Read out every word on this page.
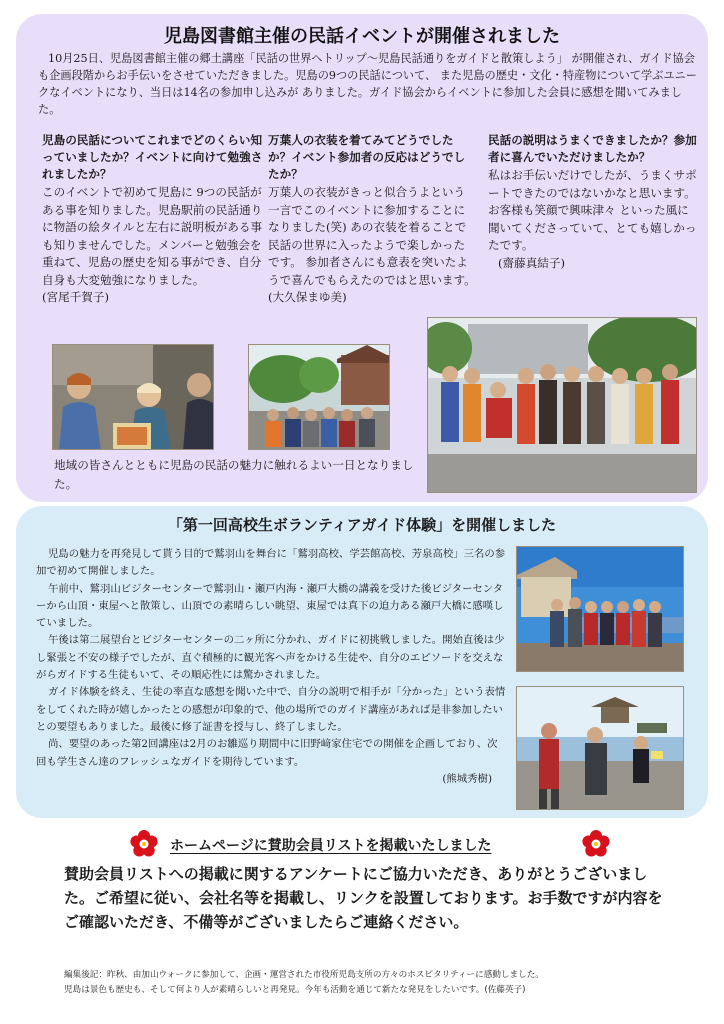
児島図書館主催の民話イベントが開催されました
10月25日、児島図書館主催の郷土講座「民話の世界へトリップ～児島民話通りをガイドと散策しよう」 が開催され、ガイド協会も企画段階からお手伝いをさせていただきました。児島の9つの民話について、 また児島の歴史・文化・特産物について学ぶユニークなイベントになり、当日は14名の参加申し込みが ありました。ガイド協会からイベントに参加した会員に感想を聞いてみました。
児島の民話についてこれまでどのくらい知っていましたか？イベントに向けて勉強されましたか？
このイベントで初めて児島に 9つの民話がある事を知りました。児島駅前の民話通りに物語の絵タイルと左右に説明板がある事も知りませんでした。メンバーと勉強会を重ねて、児島の歴史を知る事ができ、自分自身も大変勉強になりました。
(宮尾千賀子)
万葉人の衣装を着てみてどうでしたか？イベント参加者の反応はどうでしたか？
万葉人の衣装がきっと似合うよという一言でこのイベントに参加することになりました(笑) あの衣装を着ることで民話の世界に入ったようで楽しかったです。 参加者さんにも意表を突いたようで喜んでもらえたのではと思います。
(大久保まゆ美)
民話の説明はうまくできましたか？参加者に喜んでいただけましたか？
私はお手伝いだけでしたが、うまくサポートできたのではないかなと思います。お客様も笑顔で興味津々 といった風に聞いてくださっていて、とても嬉しかったです。
(齋藤真結子)
地域の皆さんとともに児島の民話の魅力に触れるよい一日となりました。
「第一回高校生ボランティアガイド体験」を開催しました

児島の魅力を再発見して貰う目的で鷲羽山を舞台に「鷲羽高校、学芸館高校、芳泉高校」三名の参加で初めて開催しました。

午前中、鷲羽山ビジターセンターで鷲羽山・瀬戸内海・瀬戸大橋の講義を受けた後ビジターセンターから山頂・東屋へと散策し、山頂での素晴らしい眺望、東屋では真下の迫力ある瀬戸大橋に感嘆していました。

午後は第二展望台とビジターセンターの二ヶ所に分かれ、ガイドに初挑戦しました。開始直後は少し緊張と不安の様子でしたが、直ぐ積極的に観光客へ声をかける生徒や、自分のエピソードを交えながらガイドする生徒もいて、その順応性には驚かされました。

ガイド体験を終え、生徒の率直な感想を聞いた中で、自分の説明で相手が「分かった」という表情をしてくれた時が嬉しかったとの感想が印象的で、他の場所でのガイド講座があれば是非参加したいとの要望もありました。最後に修了証書を授与し、終了しました。

尚、要望のあった第2回講座は2月のお雛巡り期間中に旧野﨑家住宅での開催を企画しており、次回も学生さん達のフレッシュなガイドを期待しています。

(熊城秀樹)

ホームページに賛助会員リストを掲載いたしました
賛助会員リストへの掲載に関するアンケートにご協力いただき、ありがとうございました。ご希望に従い、会社名等を掲載し、リンクを設置しております。お手数ですが内容をご確認いただき、不備等がございましたらご連絡ください。
編集後記：昨秋、由加山ウォークに参加して、企画・運営された市役所児島支所の方々のホスピタリティーに感動しました。
児島は景色も歴史も、そして何より人が素晴らしいと再発見。今年も活動を通じて新たな発見をしたいです。(佐藤英子)
